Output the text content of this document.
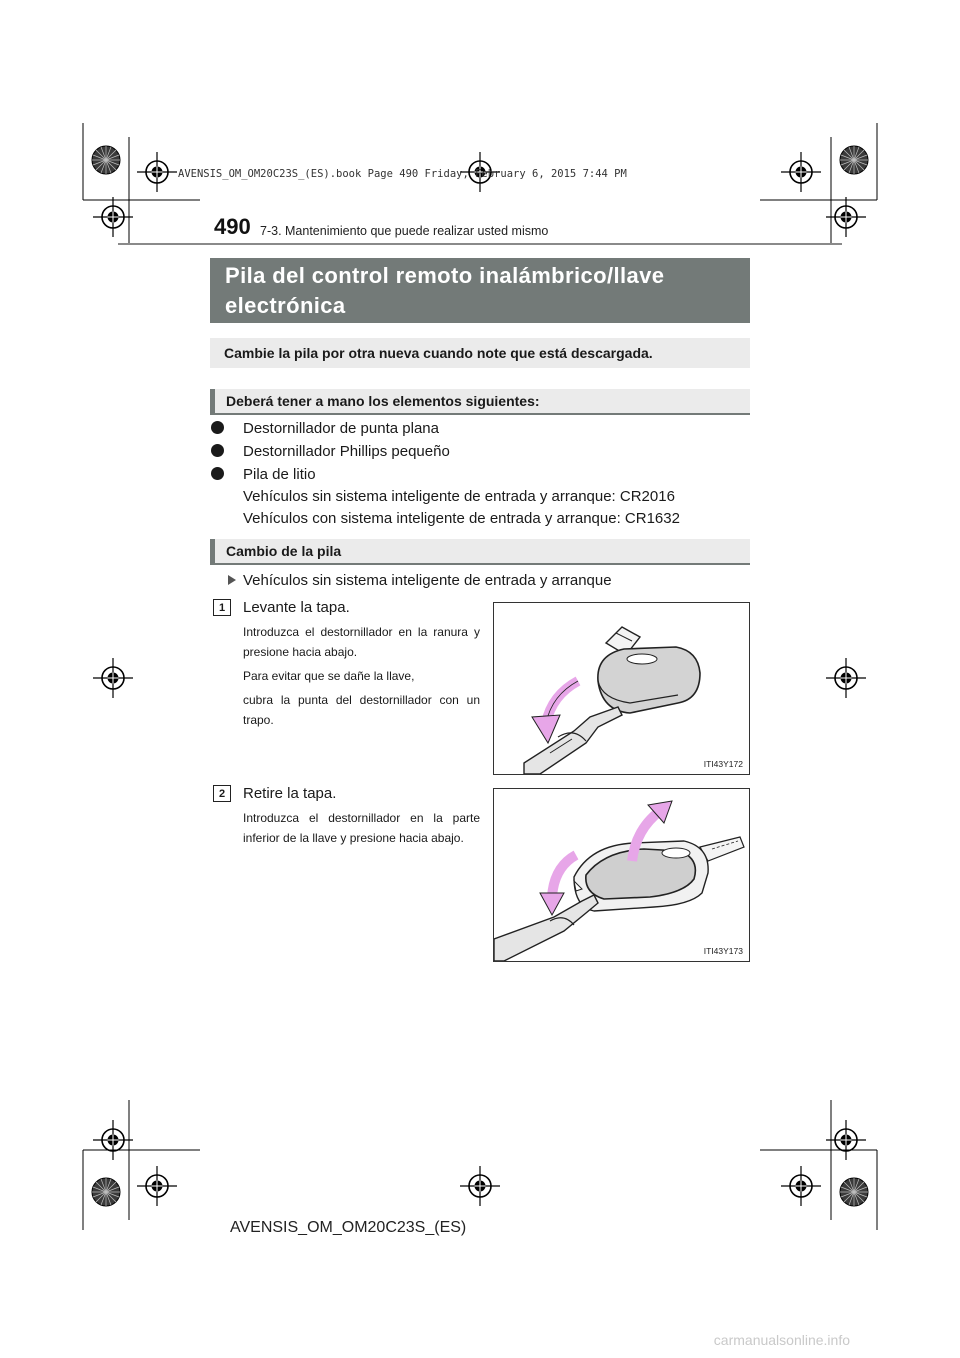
AVENSIS_OM_OM20C23S_(ES).book Page 490 Friday, February 6, 2015 7:44 PM
490 7-3. Mantenimiento que puede realizar usted mismo
Pila del control remoto inalámbrico/llave
electrónica
Cambie la pila por otra nueva cuando note que está descargada.
Deberá tener a mano los elementos siguientes:
Destornillador de punta plana
Destornillador Phillips pequeño
Pila de litio
Vehículos sin sistema inteligente de entrada y arranque: CR2016
Vehículos con sistema inteligente de entrada y arranque: CR1632
Cambio de la pila
Vehículos sin sistema inteligente de entrada y arranque
1	Levante la tapa.
Introduzca el destornillador en la ranura y presione hacia abajo.
Para evitar que se dañe la llave,
cubra la punta del destornillador con un trapo.
ITI43Y172
2	Retire la tapa.
Introduzca el destornillador en la parte inferior de la llave y presione hacia abajo.
ITI43Y173
AVENSIS_OM_OM20C23S_(ES)
carmanualsonline.info
